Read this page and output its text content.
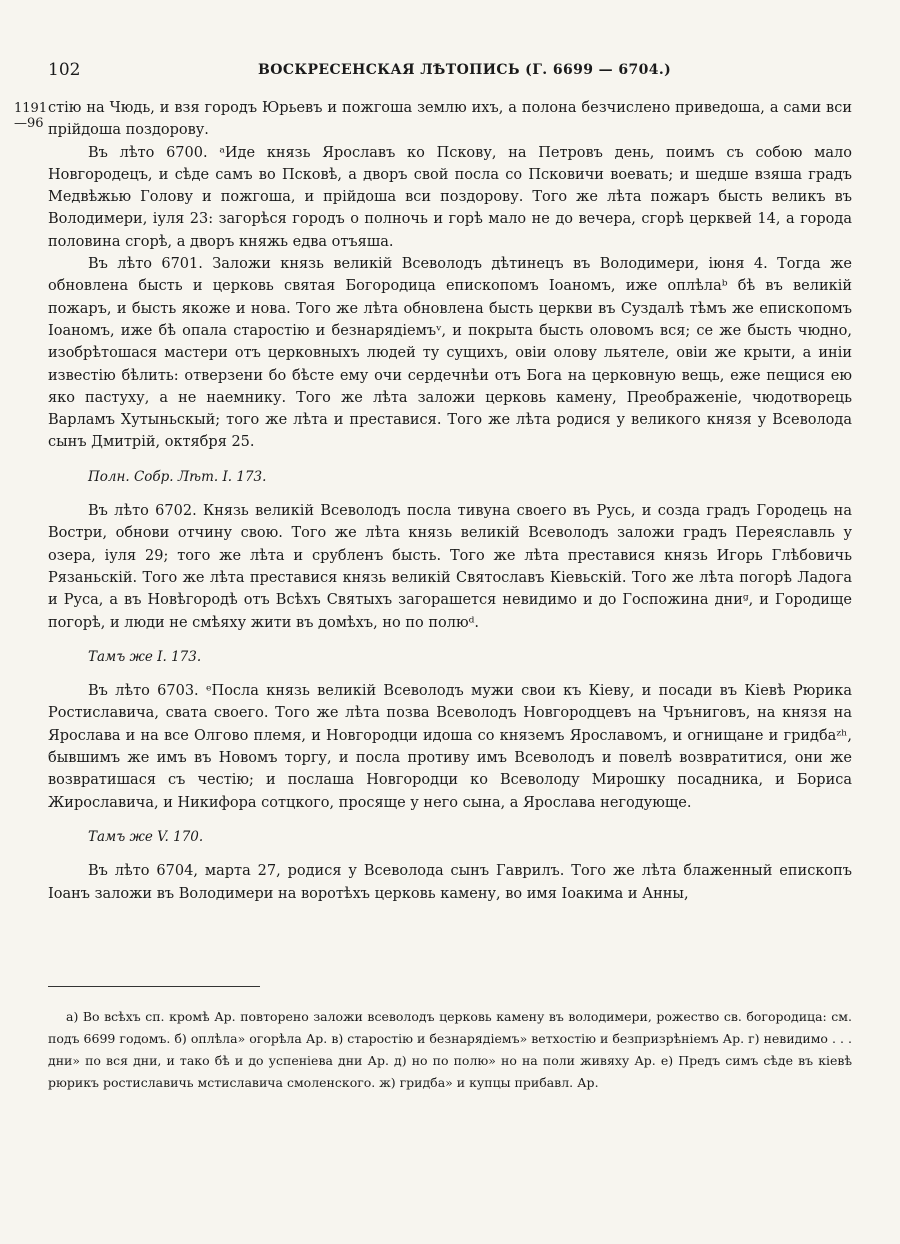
102	ВОСКРЕСЕНСКАЯ ЛѢТОПИСЬ (Г. 6699 — 6704.)
1191
—96

стію на Чюдь, и взя городъ Юрьевъ и пожгоша землю ихъ, а полона безчислено приведоша, а сами вси прійдоша поздорову.

Въ лѣто 6700. ᵃИде князь Ярославъ ко Пскову, на Петровъ день, поимъ съ собою мало Новгородецъ, и сѣде самъ во Псковѣ, а дворъ свой посла со Псковичи воевать; и шедше взяша градъ Медвѣжью Голову и пожгоша, и прійдоша вси поздорову. Того же лѣта пожаръ бысть великъ въ Володимери, іуля 23: загорѣся городъ о полночь и горѣ мало не до вечера, сгорѣ церквей 14, а города половина сгорѣ, а дворъ княжь едва отъяша.

Въ лѣто 6701. Заложи князь великій Всеволодъ дѣтинецъ въ Володимери, іюня 4. Тогда же обновлена бысть и церковь святая Богородица епископомъ Іоаномъ, иже оплѣлаᵇ бѣ въ великій пожаръ, и бысть якоже и нова. Того же лѣта обновлена бысть церкви въ Суздалѣ тѣмъ же епископомъ Іоаномъ, иже бѣ опала старостію и безнарядіемъᵛ, и покрыта бысть оловомъ вся; се же бысть чюдно, изобрѣтошася мастери отъ церковныхъ людей ту сущихъ, овіи олову льятеле, овіи же крыти, а иніи известію бѣлить: отверзени бо бѣсте ему очи сердечнѣи отъ Бога на церковную вещь, еже пещися ею яко пастуху, а не наемнику. Того же лѣта заложи церковь камену, Преображеніе, чюдотворець Варламъ Хутыньскый; того же лѣта и преставися. Того же лѣта родися у великого князя у Всеволода сынъ Дмитрій, октября 25.

Полн. Собр. Лѣт. I. 173.

Въ лѣто 6702. Князь великій Всеволодъ посла тивуна своего въ Русь, и созда градъ Городець на Востри, обнови отчину свою. Того же лѣта князь великій Всеволодъ заложи градъ Переяславль у озера, іуля 29; того же лѣта и срубленъ бысть. Того же лѣта преставися князь Игорь Глѣбовичь Рязаньскій. Того же лѣта преставися князь великій Святославъ Кіевьскій. Того же лѣта погорѣ Ладога и Руса, а въ Новѣгородѣ отъ Всѣхъ Святыхъ загорашется невидимо и до Госпожина дниᵍ, и Городище погорѣ, и люди не смѣяху жити въ домѣхъ, но по полюᵈ.

Тамъ же I. 173.

Въ лѣто 6703. ᵉПосла князь великій Всеволодъ мужи свои къ Кіеву, и посади въ Кіевѣ Рюрика Ростиславича, свата своего. Того же лѣта позва Всеволодъ Новгородцевъ на Чръниговъ, на князя на Ярослава и на все Олгово племя, и Новгородци идоша со княземъ Ярославомъ, и огнищане и гридбаᶻʰ, бывшимъ же имъ въ Новомъ торгу, и посла противу имъ Всеволодъ и повелѣ возвратитися, они же возвратишася съ честію; и послаша Новгородци ко Всеволоду Мирошку посадника, и Бориса Жирославича, и Никифора сотцкого, просяще у него сына, а Ярослава негодующе.

Тамъ же V. 170.

Въ лѣто 6704, марта 27, родися у Всеволода сынъ Гаврилъ. Того же лѣта блаженный епископъ Іоанъ заложи въ Володимери на воротѣхъ церковь камену, во имя Іоакима и Анны,

а) Во всѣхъ сп. кромѣ Ар. повторено заложи всеволодъ церковь камену въ володимери, рожество св. богородица: см. подъ 6699 годомъ. б) оплѣла» огорѣла Ар. в) старостію и безнарядіемъ» ветхостію и безпризрѣніемъ Ар. г) невидимо . . . дни» по вся дни, и тако бѣ и до успеніева дни Ар. д) но по полю» но на поли живяху Ар. е) Предъ симъ сѣде въ кіевѣ рюрикъ ростиславичь мстиславича смоленского. ж) гридба» и купцы прибавл. Ар.
